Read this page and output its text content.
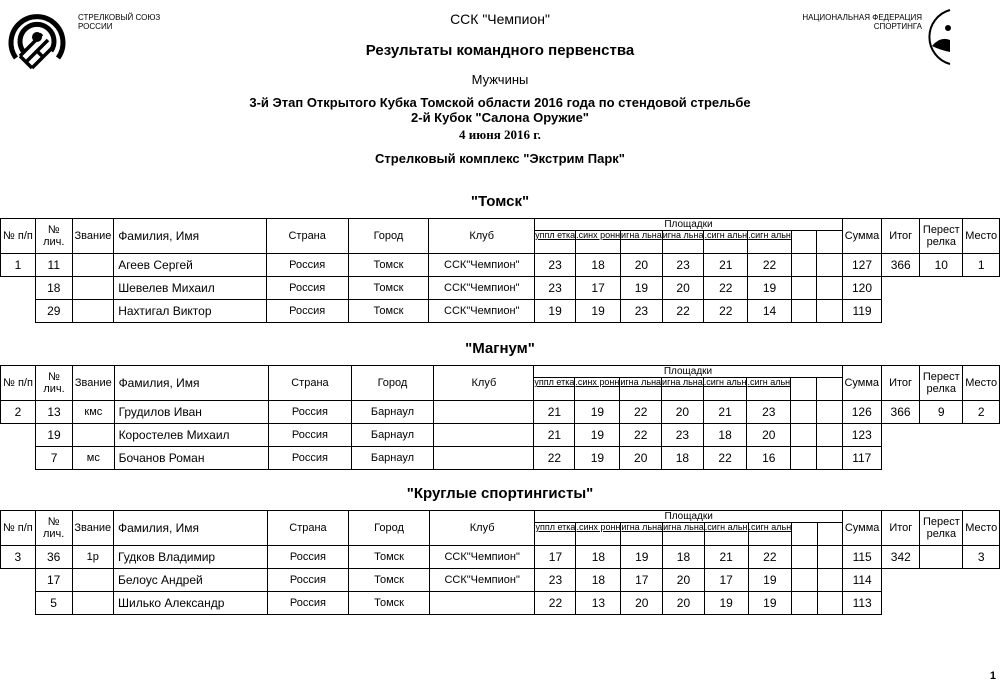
СТРЕЛКОВЫЙ СОЮЗ
РОССИИ	ССК "Чемпион"	НАЦИОНАЛЬНАЯ ФЕДЕРАЦИЯ
СПОРТИНГА
Результаты командного первенства
Мужчины
3-й Этап Открытого Кубка Томской области 2016 года по стендовой стрельбе
2-й Кубок "Салона Оружие"
4 июня 2016 г.
Стрелковый комплекс "Экстрим Парк"
"Томск"
№ п/п	№ лич.	Звание	Фамилия, Имя	Страна	Город	Клуб	Площадки								Сумма	Итог	Перест релка	Место
							уппл етка	.синх ронн	игна льна	игна льна	.сигн альн	.сигн альн						
1	11		Агеев Сергей	Россия	Томск	ССК"Чемпион"	23	18	20	23	21	22			127	366	10	1
	18		Шевелев Михаил	Россия	Томск	ССК"Чемпион"	23	17	19	20	22	19			120			
	29		Нахтигал Виктор	Россия	Томск	ССК"Чемпион"	19	19	23	22	22	14			119			
"Магнум"
№ п/п	№ лич.	Звание	Фамилия, Имя	Страна	Город	Клуб	Площадки								Сумма	Итог	Перест релка	Место
							уппл етка	.синх ронн	игна льна	игна льна	.сигн альн	.сигн альн						
2	13	кмс	Грудилов Иван	Россия	Барнаул		21	19	22	20	21	23			126	366	9	2
	19		Коростелев Михаил	Россия	Барнаул		21	19	22	23	18	20			123			
	7	мс	Бочанов Роман	Россия	Барнаул		22	19	20	18	22	16			117			
"Круглые спортингисты"
№ п/п	№ лич.	Звание	Фамилия, Имя	Страна	Город	Клуб	Площадки								Сумма	Итог	Перест релка	Место
							уппл етка	.синх ронн	игна льна	игна льна	.сигн альн	.сигн альн						
3	36	1р	Гудков Владимир	Россия	Томск	ССК"Чемпион"	17	18	19	18	21	22			115	342		3
	17		Белоус Андрей	Россия	Томск	ССК"Чемпион"	23	18	17	20	17	19			114			
	5		Шилько Александр	Россия	Томск		22	13	20	20	19	19			113			
1
